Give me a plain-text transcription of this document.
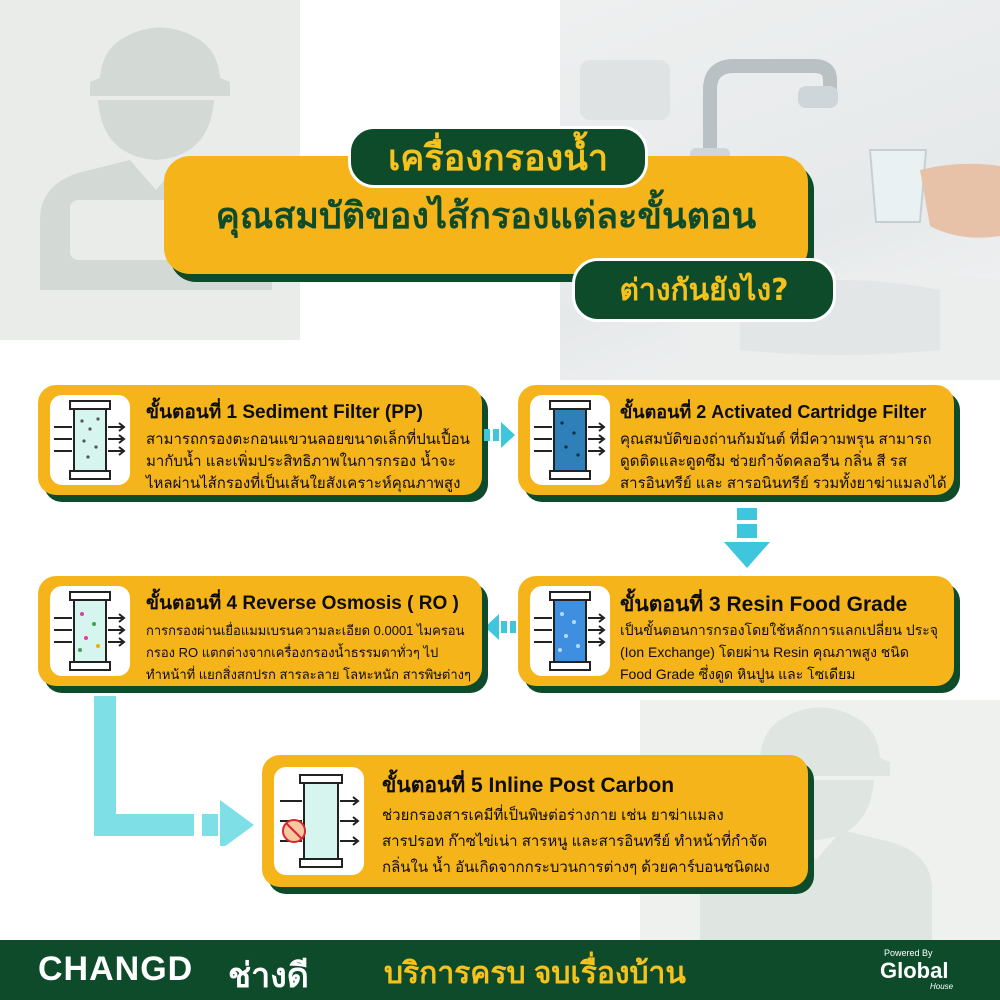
คุณสมบัติของไส้กรองแต่ละขั้นตอน
เครื่องกรองน้ำ
ต่างกันยังไง?
ขั้นตอนที่ 1 Sediment Filter (PP)
สามารถกรองตะกอนแขวนลอยขนาดเล็กที่ปนเปื้อน
มากับน้ำ และเพิ่มประสิทธิภาพในการกรอง น้ำจะ
ไหลผ่านไส้กรองที่เป็นเส้นใยสังเคราะห์คุณภาพสูง
ขั้นตอนที่ 2 Activated Cartridge Filter
คุณสมบัติของถ่านกัมมันต์ ที่มีความพรุน สามารถ
ดูดติดและดูดซึม ช่วยกำจัดคลอรีน กลิ่น สี รส
สารอินทรีย์ และ สารอนินทรีย์ รวมทั้งยาฆ่าแมลงได้
ขั้นตอนที่ 3 Resin Food Grade
เป็นขั้นตอนการกรองโดยใช้หลักการแลกเปลี่ยน ประจุ
(Ion Exchange) โดยผ่าน Resin คุณภาพสูง ชนิด
Food Grade ซึ่งดูด หินปูน และ โซเดียม
ขั้นตอนที่ 4 Reverse Osmosis ( RO )
การกรองผ่านเยื่อแมมเบรนความละเอียด 0.0001 ไมครอน
กรอง RO แตกต่างจากเครื่องกรองน้ำธรรมดาทั่วๆ ไป
ทำหน้าที่ แยกสิ่งสกปรก สารละลาย โลหะหนัก สารพิษต่างๆ
ขั้นตอนที่ 5 Inline Post Carbon
ช่วยกรองสารเคมีที่เป็นพิษต่อร่างกาย เช่น ยาฆ่าแมลง
สารปรอท ก๊าซไข่เน่า สารหนู และสารอินทรีย์ ทำหน้าที่กำจัด
กลิ่นใน น้ำ อันเกิดจากกระบวนการต่างๆ ด้วยคาร์บอนชนิดผง
CHANGD ช่างดี	บริการครบ จบเรื่องบ้าน
Powered By
Global
House
